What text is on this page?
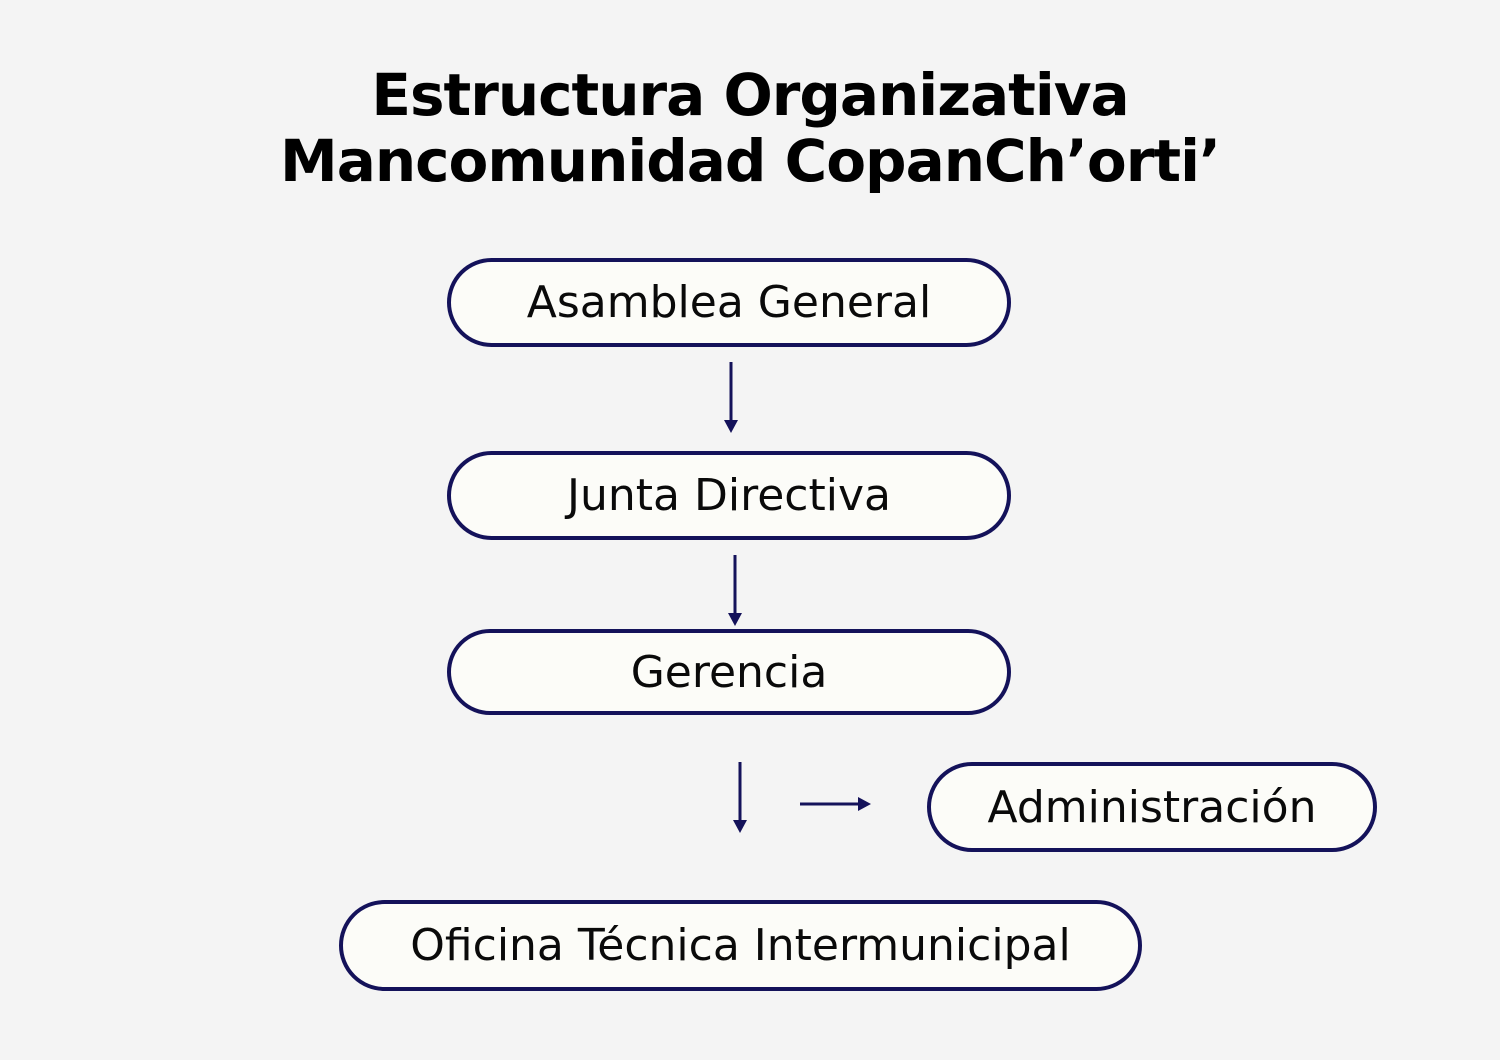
Estructura Organizativa
Mancomunidad CopanCh’orti’
Asamblea General
Junta Directiva
Gerencia
Administración
Oficina Técnica Intermunicipal
